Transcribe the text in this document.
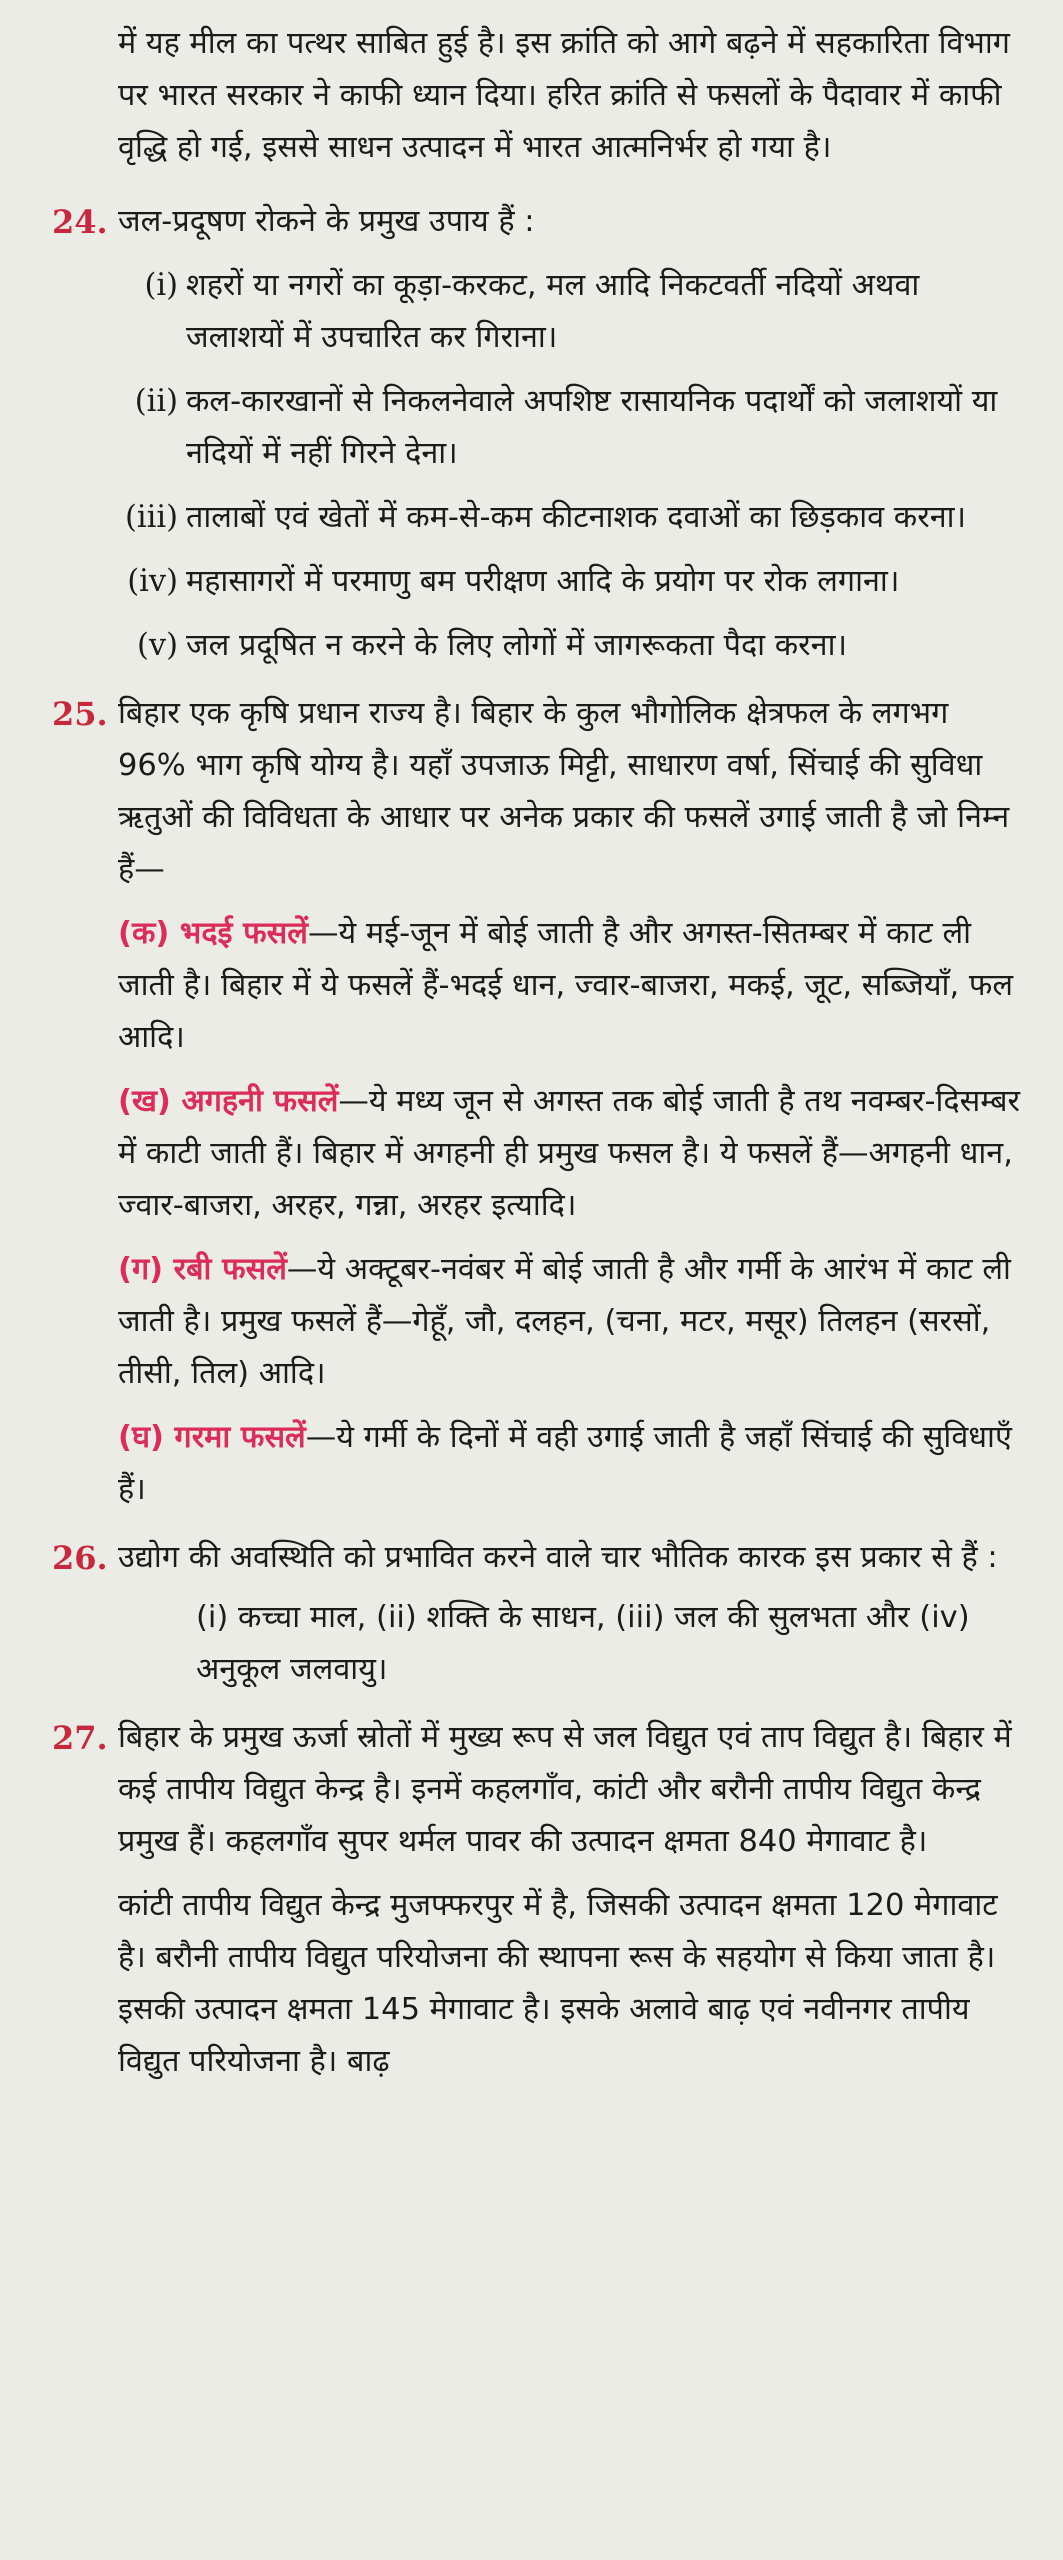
में यह मील का पत्थर साबित हुई है। इस क्रांति को आगे बढ़ने में सहकारिता विभाग पर भारत सरकार ने काफी ध्यान दिया। हरित क्रांति से फसलों के पैदावार में काफी वृद्धि हो गई, इससे साधन उत्पादन में भारत आत्मनिर्भर हो गया है।

24. जल-प्रदूषण रोकने के प्रमुख उपाय हैं :

(i) शहरों या नगरों का कूड़ा-करकट, मल आदि निकटवर्ती नदियों अथवा जलाशयों में उपचारित कर गिराना।
(ii) कल-कारखानों से निकलनेवाले अपशिष्ट रासायनिक पदार्थों को जलाशयों या नदियों में नहीं गिरने देना।
(iii) तालाबों एवं खेतों में कम-से-कम कीटनाशक दवाओं का छिड़काव करना।
(iv) महासागरों में परमाणु बम परीक्षण आदि के प्रयोग पर रोक लगाना।
(v) जल प्रदूषित न करने के लिए लोगों में जागरूकता पैदा करना।
25. बिहार एक कृषि प्रधान राज्य है। बिहार के कुल भौगोलिक क्षेत्रफल के लगभग 96% भाग कृषि योग्य है। यहाँ उपजाऊ मिट्टी, साधारण वर्षा, सिंचाई की सुविधा ऋतुओं की विविधता के आधार पर अनेक प्रकार की फसलें उगाई जाती है जो निम्न हैं—

(क) भदई फसलें—ये मई-जून में बोई जाती है और अगस्त-सितम्बर में काट ली जाती है। बिहार में ये फसलें हैं-भदई धान, ज्वार-बाजरा, मकई, जूट, सब्जियाँ, फल आदि।

(ख) अगहनी फसलें—ये मध्य जून से अगस्त तक बोई जाती है तथ नवम्बर-दिसम्बर में काटी जाती हैं। बिहार में अगहनी ही प्रमुख फसल है। ये फसलें हैं—अगहनी धान, ज्वार-बाजरा, अरहर, गन्ना, अरहर इत्यादि।

(ग) रबी फसलें—ये अक्टूबर-नवंबर में बोई जाती है और गर्मी के आरंभ में काट ली जाती है। प्रमुख फसलें हैं—गेहूँ, जौ, दलहन, (चना, मटर, मसूर) तिलहन (सरसों, तीसी, तिल) आदि।

(घ) गरमा फसलें—ये गर्मी के दिनों में वही उगाई जाती है जहाँ सिंचाई की सुविधाएँ हैं।

26. उद्योग की अवस्थिति को प्रभावित करने वाले चार भौतिक कारक इस प्रकार से हैं :

(i) कच्चा माल, (ii) शक्ति के साधन, (iii) जल की सुलभता और (iv) अनुकूल जलवायु।

27. बिहार के प्रमुख ऊर्जा स्रोतों में मुख्य रूप से जल विद्युत एवं ताप विद्युत है। बिहार में कई तापीय विद्युत केन्द्र है। इनमें कहलगाँव, कांटी और बरौनी तापीय विद्युत केन्द्र प्रमुख हैं। कहलगाँव सुपर थर्मल पावर की उत्पादन क्षमता 840 मेगावाट है।

कांटी तापीय विद्युत केन्द्र मुजफ्फरपुर में है, जिसकी उत्पादन क्षमता 120 मेगावाट है। बरौनी तापीय विद्युत परियोजना की स्थापना रूस के सहयोग से किया जाता है। इसकी उत्पादन क्षमता 145 मेगावाट है। इसके अलावे बाढ़ एवं नवीनगर तापीय विद्युत परियोजना है। बाढ़
